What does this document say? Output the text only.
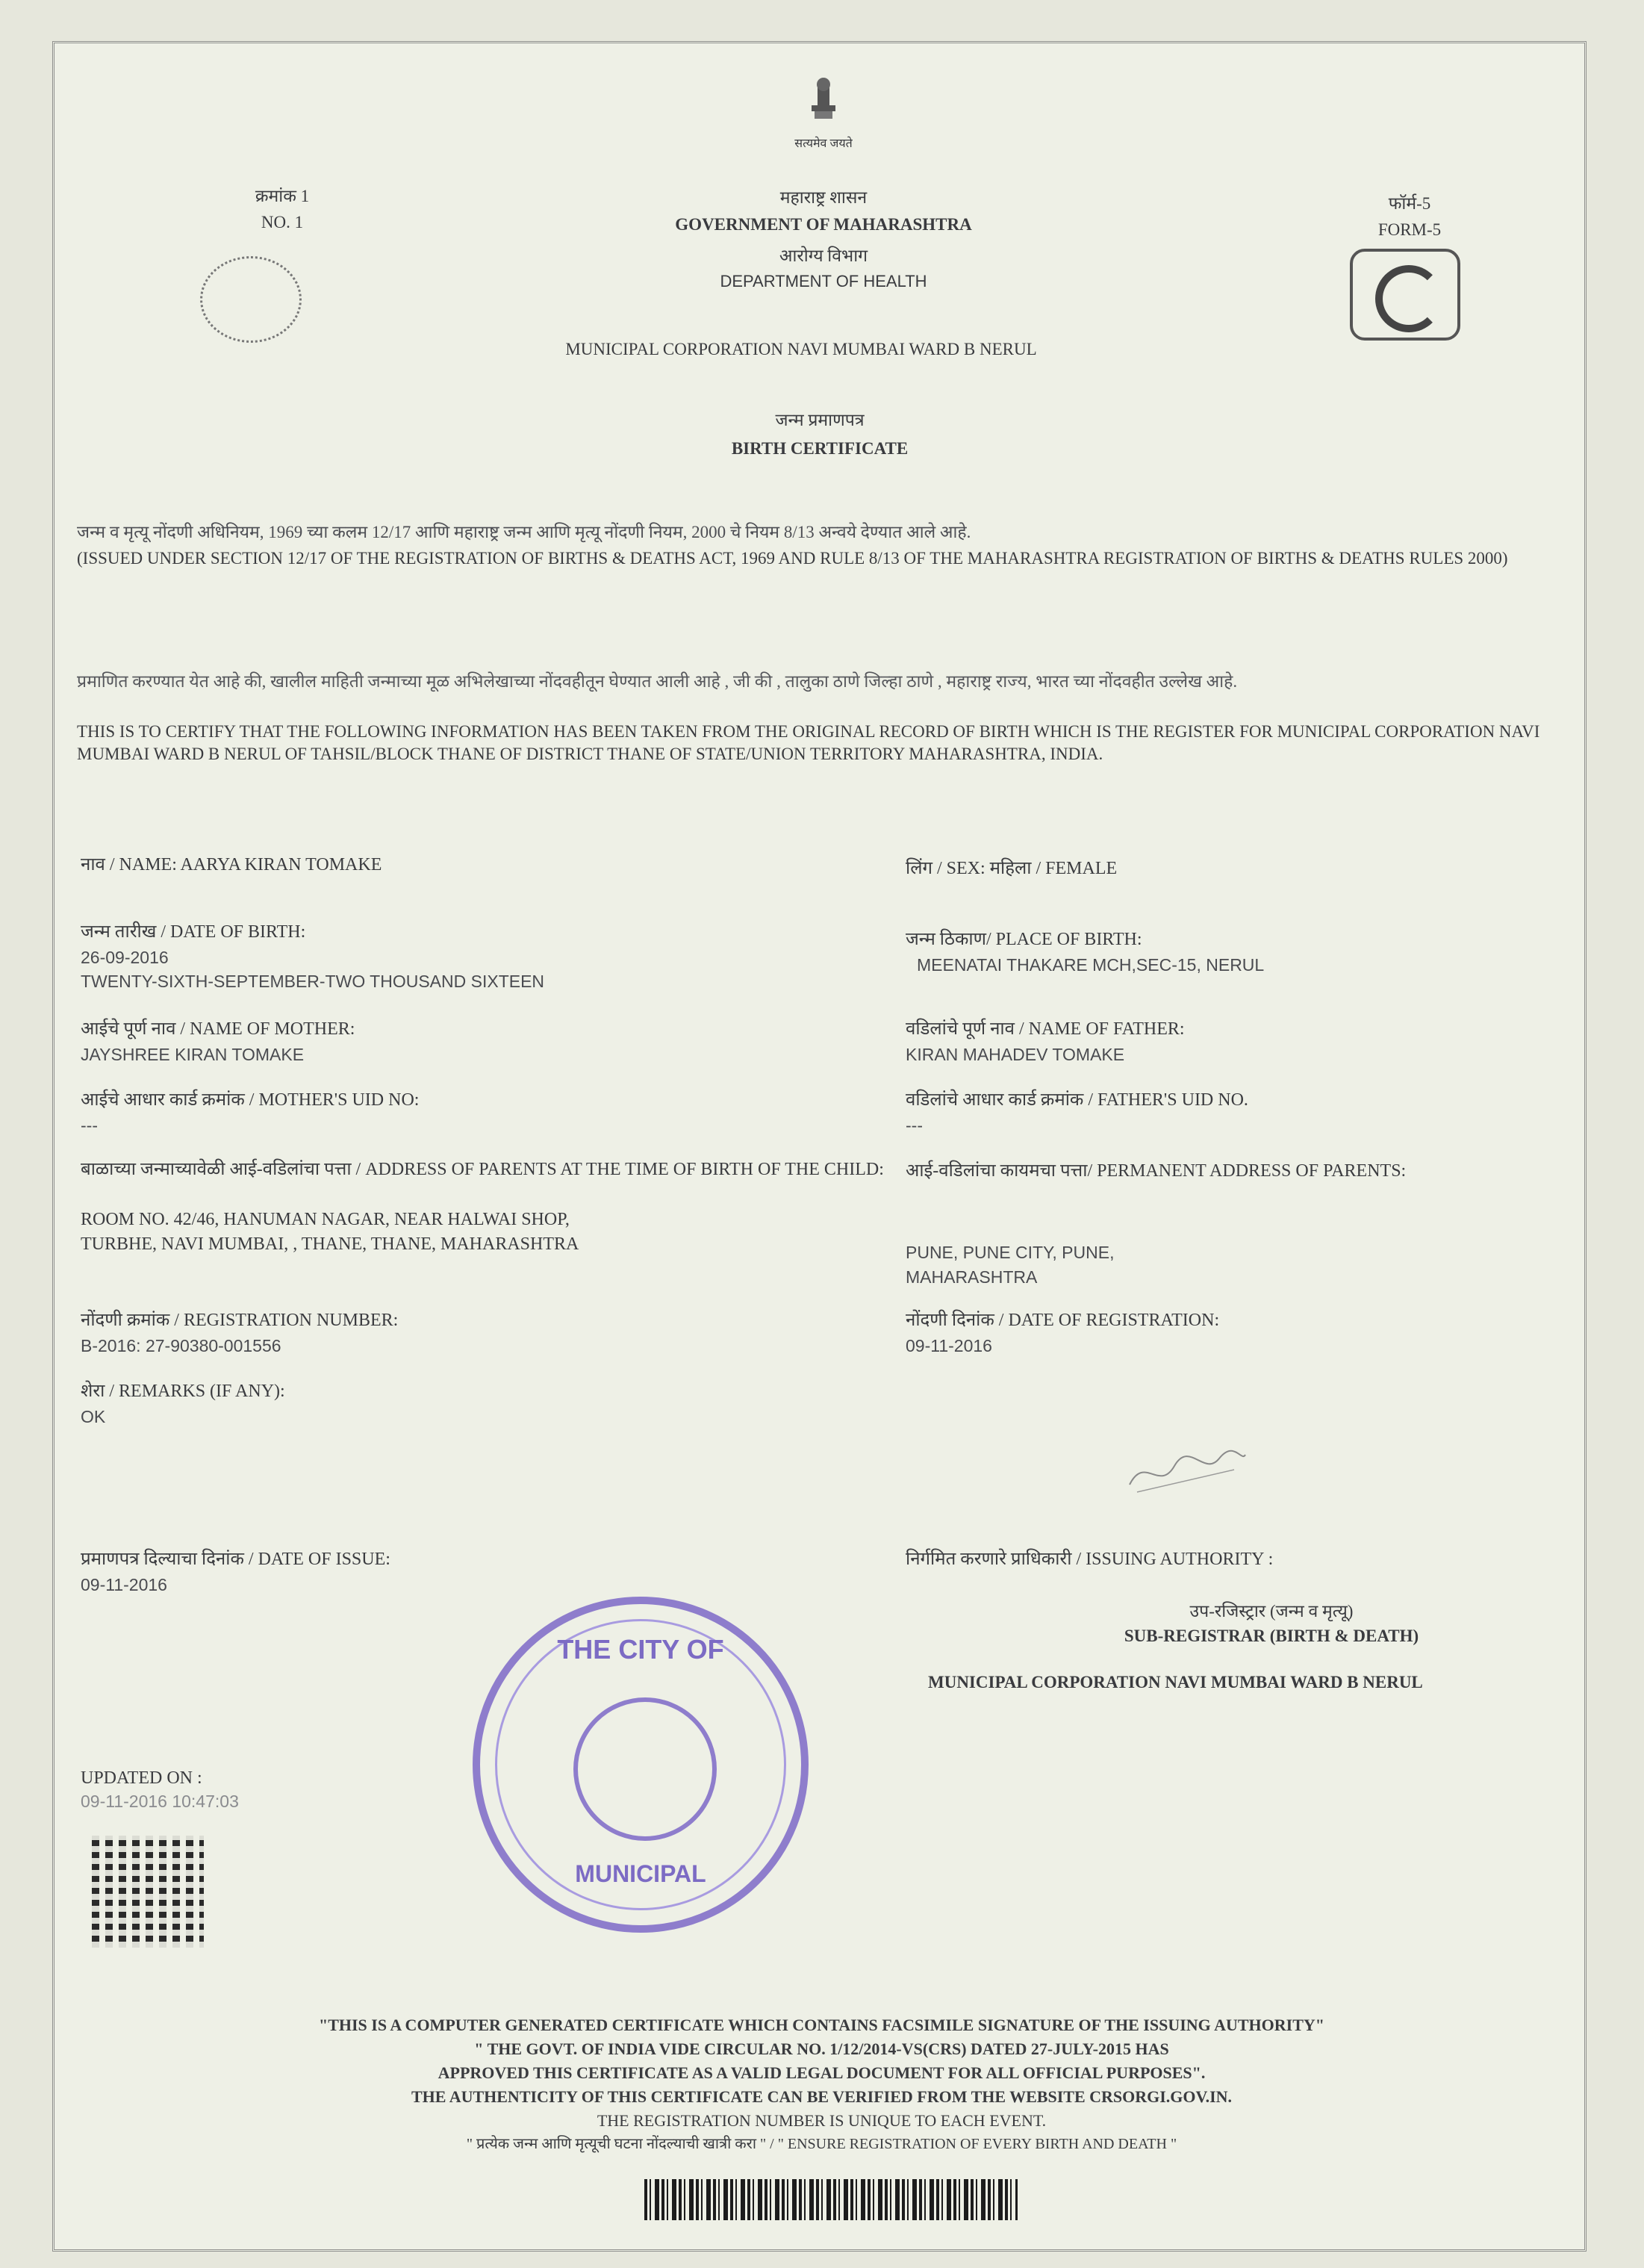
सत्यमेव जयते
क्रमांक 1
NO. 1
महाराष्ट्र शासन
GOVERNMENT OF MAHARASHTRA
आरोग्य विभाग
DEPARTMENT OF HEALTH
फॉर्म-5
FORM-5
MUNICIPAL CORPORATION NAVI MUMBAI WARD B NERUL
जन्म प्रमाणपत्र
BIRTH CERTIFICATE
जन्म व मृत्यू नोंदणी अधिनियम, 1969 च्या कलम 12/17 आणि महाराष्ट्र जन्म आणि मृत्यू नोंदणी नियम, 2000 चे नियम 8/13 अन्वये देण्यात आले आहे.
(ISSUED UNDER SECTION 12/17 OF THE REGISTRATION OF BIRTHS & DEATHS ACT, 1969 AND RULE 8/13 OF THE MAHARASHTRA REGISTRATION OF BIRTHS & DEATHS RULES 2000)
प्रमाणित करण्यात येत आहे की, खालील माहिती जन्माच्या मूळ अभिलेखाच्या नोंदवहीतून घेण्यात आली आहे , जी की , तालुका ठाणे जिल्हा ठाणे , महाराष्ट्र राज्य, भारत च्या नोंदवहीत उल्लेख आहे.
THIS IS TO CERTIFY THAT THE FOLLOWING INFORMATION HAS BEEN TAKEN FROM THE ORIGINAL RECORD OF BIRTH WHICH IS THE REGISTER FOR MUNICIPAL CORPORATION NAVI MUMBAI WARD B NERUL OF TAHSIL/BLOCK THANE OF DISTRICT THANE OF STATE/UNION TERRITORY MAHARASHTRA, INDIA.
नाव / NAME: AARYA KIRAN TOMAKE
जन्म तारीख / DATE OF BIRTH:
26-09-2016
TWENTY-SIXTH-SEPTEMBER-TWO THOUSAND SIXTEEN
आईचे पूर्ण नाव / NAME OF MOTHER:
JAYSHREE KIRAN TOMAKE
आईचे आधार कार्ड क्रमांक / MOTHER'S UID NO:
---
बाळाच्या जन्माच्यावेळी आई-वडिलांचा पत्ता / ADDRESS OF PARENTS AT THE TIME OF BIRTH OF THE CHILD:
ROOM NO. 42/46, HANUMAN NAGAR, NEAR HALWAI SHOP,
TURBHE, NAVI MUMBAI, , THANE, THANE, MAHARASHTRA
नोंदणी क्रमांक / REGISTRATION NUMBER:
B-2016: 27-90380-001556
शेरा / REMARKS (IF ANY):
OK
प्रमाणपत्र दिल्याचा दिनांक / DATE OF ISSUE:
09-11-2016
लिंग / SEX: महिला / FEMALE
जन्म ठिकाण/ PLACE OF BIRTH:
MEENATAI THAKARE MCH,SEC-15, NERUL
वडिलांचे पूर्ण नाव / NAME OF FATHER:
KIRAN MAHADEV TOMAKE
वडिलांचे आधार कार्ड क्रमांक / FATHER'S UID NO.
---
आई-वडिलांचा कायमचा पत्ता/ PERMANENT ADDRESS OF PARENTS:
PUNE, PUNE CITY, PUNE,
MAHARASHTRA
नोंदणी दिनांक / DATE OF REGISTRATION:
09-11-2016
निर्गमित करणारे प्राधिकारी / ISSUING AUTHORITY :
उप-रजिस्ट्रार (जन्म व मृत्यू)
SUB-REGISTRAR (BIRTH & DEATH)
MUNICIPAL CORPORATION NAVI MUMBAI WARD B NERUL
UPDATED ON :
09-11-2016 10:47:03
THE CITY OF
MUNICIPAL
"THIS IS A COMPUTER GENERATED CERTIFICATE WHICH CONTAINS FACSIMILE SIGNATURE OF THE ISSUING AUTHORITY"
" THE GOVT. OF INDIA VIDE CIRCULAR NO. 1/12/2014-VS(CRS) DATED 27-JULY-2015 HAS
APPROVED THIS CERTIFICATE AS A VALID LEGAL DOCUMENT FOR ALL OFFICIAL PURPOSES".
THE AUTHENTICITY OF THIS CERTIFICATE CAN BE VERIFIED FROM THE WEBSITE CRSORGI.GOV.IN.
THE REGISTRATION NUMBER IS UNIQUE TO EACH EVENT.
" प्रत्येक जन्म आणि मृत्यूची घटना नोंदल्याची खात्री करा " / " ENSURE REGISTRATION OF EVERY BIRTH AND DEATH "
